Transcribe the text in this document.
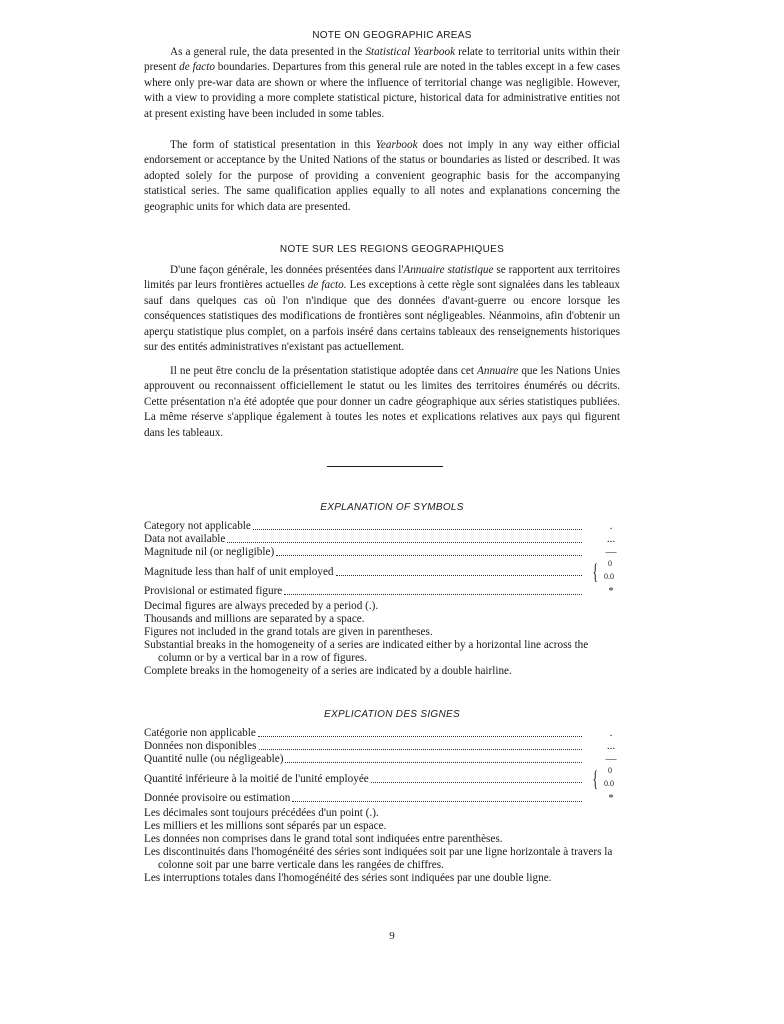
NOTE ON GEOGRAPHIC AREAS
As a general rule, the data presented in the Statistical Yearbook relate to territorial units within their present de facto boundaries. Departures from this general rule are noted in the tables except in a few cases where only pre-war data are shown or where the influence of territorial change was negligible. However, with a view to providing a more complete statistical picture, historical data for administrative entities not at present existing have been included in some tables.
The form of statistical presentation in this Yearbook does not imply in any way either official endorsement or acceptance by the United Nations of the status or boundaries as listed or described. It was adopted solely for the purpose of providing a convenient geographic basis for the accompanying statistical series. The same qualification applies equally to all notes and explanations concerning the geographic units for which data are presented.
NOTE SUR LES REGIONS GEOGRAPHIQUES
D'une façon générale, les données présentées dans l'Annuaire statistique se rapportent aux territoires limités par leurs frontières actuelles de facto. Les exceptions à cette règle sont signalées dans les tableaux sauf dans quelques cas où l'on n'indique que des données d'avant-guerre ou encore lorsque les conséquences statistiques des modifications de frontières sont négligeables. Néanmoins, afin d'obtenir un aperçu statistique plus complet, on a parfois inséré dans certains tableaux des renseignements historiques sur des entités administratives n'existant pas actuellement.
Il ne peut être conclu de la présentation statistique adoptée dans cet Annuaire que les Nations Unies approuvent ou reconnaissent officiellement le statut ou les limites des territoires énumérés ou décrits. Cette présentation n'a été adoptée que pour donner un cadre géographique aux séries statistiques publiées. La même réserve s'applique également à toutes les notes et explications relatives aux pays qui figurent dans les tableaux.
EXPLANATION OF SYMBOLS
Category not applicable	.
Data not available	...
Magnitude nil (or negligible)	—
Magnitude less than half of unit employed	{ 0
0.0
Provisional or estimated figure	*

Decimal figures are always preceded by a period (.).

Thousands and millions are separated by a space.

Figures not included in the grand totals are given in parentheses.

Substantial breaks in the homogeneity of a series are indicated either by a horizontal line across the column or by a vertical bar in a row of figures.

Complete breaks in the homogeneity of a series are indicated by a double hairline.

EXPLICATION DES SIGNES
Catégorie non applicable	.
Données non disponibles	...
Quantité nulle (ou négligeable)	—
Quantité inférieure à la moitié de l'unité employée	{ 0
0.0
Donnée provisoire ou estimation	*

Les décimales sont toujours précédées d'un point (.).

Les milliers et les millions sont séparés par un espace.

Les données non comprises dans le grand total sont indiquées entre parenthèses.

Les discontinuités dans l'homogénéité des séries sont indiquées soit par une ligne horizontale à travers la colonne soit par une barre verticale dans les rangées de chiffres.

Les interruptions totales dans l'homogénéité des séries sont indiquées par une double ligne.

9
